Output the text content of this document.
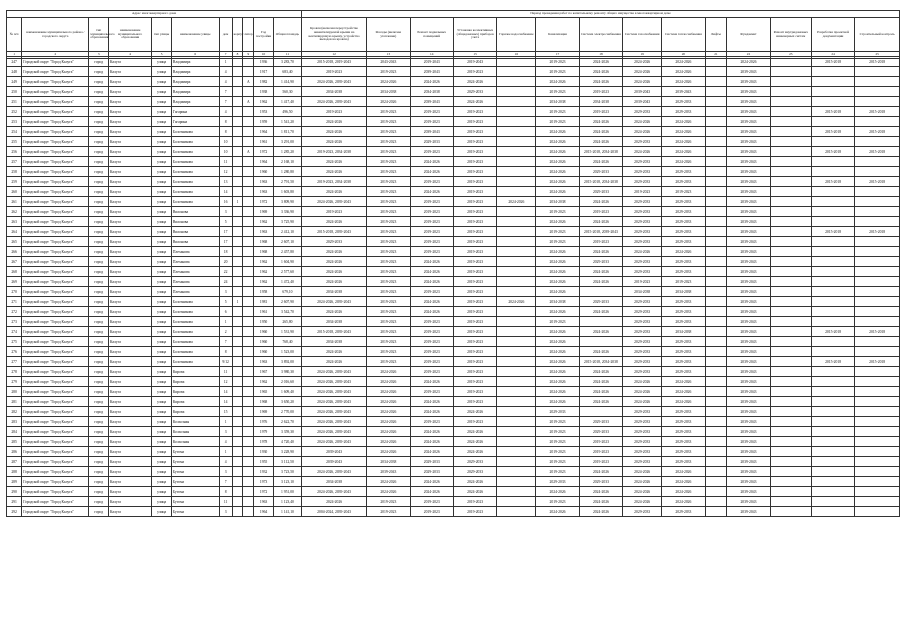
Адрес многоквартирного дома											Период проведения работ по капитальному ремонту общего имущества в многоквартирном доме													
№ п/п	наименование муниципального района / городского округа	тип муниципального образования	наименование муниципального образования	тип улицы	наименование улицы	дом	корпус	литер	Год постройки	Общая площадь	Кровля (включая переустройство невентилируемой крыши на вентилируемую крышу, устройство выходов на кровлю)	Фасады (включая утепление)	Ремонт подвальных помещений	Установка коллективных (общедомовых) приборов учета	Горячее водоснабжение	Канализация	Система электроснабжения	Система газоснабжения	Система теплоснабжения	Лифты	Фундамент	Ремонт внутридомовых инженерных систем	Разработка проектной документации	Строительный контроль
1	2	3	4	5	6	7	8	9	10	11	12	13	14	15	16	17	18	19	20	21	22	23	24	25
247	Городской округ "Город Калуга"	город	Калуга	улица	Владимира	1			1936	3 283,70	2015-2018, 2019-2043	2043-2043	2019-2043	2019-2043		2019-2023	2024-2026	2024-2026	2024-2026		2024-2026		2015-2018	2015-2018
248	Городской округ "Город Калуга"	город	Калуга	улица	Владимира	4			1917	683,40	2019-2023	2019-2023	2039-2043	2019-2023		2019-2023	2024-2026	2024-2026	2024-2026		2039-2043			
249	Городской округ "Город Калуга"	город	Калуга	улица	Владимира	4		А	1982	1 414,90	2024-2026, 2039-2043	2024-2026	2024-2026	2024-2026		2024-2026	2024-2026	2024-2026	2024-2026		2039-2043			
250	Городской округ "Город Калуга"	город	Калуга	улица	Владимира	7			1938	560,30	2034-2038	2034-2038	2034-2038	2029-2033		2019-2023	2019-2023	2039-2043	2039-2043		2039-2043			
251	Городской округ "Город Калуга"	город	Калуга	улица	Владимира	7		А	1962	1 417,40	2024-2026, 2039-2043	2024-2026	2039-2043	2024-2026		2034-2038	2034-2038	2039-2043	2029-2033		2039-2043			
252	Городской округ "Город Калуга"	город	Калуга	улица	Гагарина	4			1953	496,50	2019-2023	2019-2023	2019-2023	2019-2023		2019-2023	2019-2023	2029-2033	2029-2033		2039-2043		2015-2018	2015-2018
253	Городской округ "Город Калуга"	город	Калуга	улица	Гагарина	8			1959	1 541,20	2024-2026	2019-2023	2019-2023	2019-2023		2019-2023	2024-2026	2024-2026	2024-2026		2039-2043			
254	Городской округ "Город Калуга"	город	Калуга	улица	Болотникова	8			1964	1 811,70	2024-2026	2019-2023	2039-2043	2019-2023		2024-2026	2024-2026	2024-2026	2024-2026		2039-2043		2015-2018	2015-2018
255	Городской округ "Город Калуга"	город	Калуга	улица	Болотникова	10			1961	3 291,00	2024-2026	2019-2023	2029-2033	2019-2023		2024-2026	2024-2026	2029-2033	2024-2026		2039-2043			
256	Городской округ "Город Калуга"	город	Калуга	улица	Болотникова	10		А	1972	1 285,20	2019-2023, 2034-2038	2019-2023	2019-2023	2019-2023		2024-2026	2015-2018, 2034-2038	2024-2026	2024-2026		2039-2043		2015-2018	2015-2018
257	Городской округ "Город Калуга"	город	Калуга	улица	Болотникова	11			1964	2 168,10	2024-2026	2019-2023	2024-2026	2019-2023		2024-2026	2024-2026	2029-2033	2024-2026		2039-2043			
258	Городской округ "Город Калуга"	город	Калуга	улица	Болотникова	12			1960	1 280,80	2024-2026	2019-2023	2024-2026	2019-2023		2024-2026	2029-2033	2029-2033	2029-2033		2039-2043			
259	Городской округ "Город Калуга"	город	Калуга	улица	Болотникова	13			1963	2 791,50	2019-2023, 2034-2038	2019-2023	2019-2023	2019-2023		2024-2026	2015-2018, 2034-2038	2029-2033	2029-2033		2039-2043		2015-2018	2015-2018
260	Городской округ "Город Калуга"	город	Калуга	улица	Болотникова	14			1963	1 603,80	2024-2026	2019-2023	2024-2026	2019-2023		2024-2026	2029-2033	2019-2023	2019-2023		2039-2043			
261	Городской округ "Город Калуга"	город	Калуга	улица	Болотникова	16	1		1972	3 809,90	2024-2026, 2039-2043	2019-2023	2019-2023	2019-2023	2024-2026	2034-2038	2024-2026	2029-2033	2029-2033		2039-2043			
262	Городской округ "Город Калуга"	город	Калуга	улица	Вилонова	3			1969	3 336,90	2019-2023	2019-2023	2019-2023	2019-2023		2019-2023	2019-2023	2029-2033	2029-2033		2039-2043			
263	Городской округ "Город Калуга"	город	Калуга	улица	Вилонова	5			1962	3 725,90	2024-2026	2019-2023	2019-2023	2019-2023		2024-2026	2024-2026	2029-2033	2029-2033		2039-2043			
264	Городской округ "Город Калуга"	город	Калуга	улица	Вилонова	17			1963	2 412,10	2015-2018, 2039-2043	2019-2023	2019-2023	2019-2023		2019-2023	2015-2018, 2039-2043	2029-2033	2029-2033		2039-2043		2015-2018	2015-2018
265	Городской округ "Город Калуга"	город	Калуга	улица	Вилонова	17			1968	2 607,10	2029-2033	2019-2023	2019-2023	2019-2023		2019-2023	2019-2023	2029-2033	2029-2033		2039-2043			
266	Городской округ "Город Калуга"	город	Калуга	улица	Плеханова	18			1968	2 457,80	2024-2026	2019-2023	2019-2023	2019-2023		2024-2026	2024-2026	2024-2026	2024-2026		2039-2043			
267	Городской округ "Город Калуга"	город	Калуга	улица	Плеханова	20			1962	1 604,90	2024-2026	2019-2023	2024-2026	2019-2023		2024-2026	2029-2033	2029-2033	2029-2033		2039-2043			
268	Городской округ "Город Калуга"	город	Калуга	улица	Плеханова	22			1962	2 577,60	2024-2026	2019-2023	2024-2026	2019-2023		2024-2026	2024-2026	2029-2033	2029-2033		2039-2043			
269	Городской округ "Город Калуга"	город	Калуга	улица	Плеханова	24			1962	1 472,40	2024-2026	2019-2023	2024-2026	2019-2023		2024-2026	2024-2026	2019-2023	2019-2023		2039-2043			
270	Городской округ "Город Калуга"	город	Калуга	улица	Плеханова	3			1958	679,10	2034-2038	2019-2023	2019-2023	2019-2023		2024-2026		2034-2038	2034-2038		2039-2043			
271	Городской округ "Город Калуга"	город	Калуга	улица	Болотникова	5	1		1981	2 607,90	2024-2026, 2039-2043	2019-2023	2024-2026	2019-2023	2024-2026	2034-2038	2029-2033	2029-2033	2029-2033		2039-2043			
272	Городской округ "Город Калуга"	город	Калуга	улица	Болотникова	6			1961	3 542,70	2024-2026	2019-2023	2024-2026	2019-2023		2024-2026	2024-2026	2029-2033	2029-2033		2039-2043			
273	Городской округ "Город Калуга"	город	Калуга	улица	Болотникова	1			1950	265,80	2034-2038	2019-2023	2019-2023	2019-2023		2019-2023		2029-2033	2029-2033		2039-2043			
274	Городской округ "Город Калуга"	город	Калуга	улица	Болотникова	2			1960	1 531,90	2015-2018, 2039-2043	2019-2023	2019-2023	2019-2023		2024-2026	2024-2026	2029-2033	2034-2038		2039-2043		2015-2018	2015-2018
275	Городской округ "Город Калуга"	город	Калуга	улица	Болотникова	7			1960	768,40	2034-2038	2019-2023	2019-2023	2019-2023		2024-2026		2029-2033	2029-2033		2039-2043			
276	Городской округ "Город Калуга"	город	Калуга	улица	Болотникова	8			1960	1 523,00	2024-2026	2019-2023	2019-2023	2019-2023		2024-2026	2024-2026	2029-2033	2029-2033		2039-2043			
277	Городской округ "Город Калуга"	город	Калуга	улица	Болотникова	9/12			1963	3 892,00	2024-2026	2019-2023	2019-2023	2019-2023		2024-2026	2015-2018, 2034-2038	2029-2033	2029-2033		2039-2043		2015-2018	2015-2018
278	Городской округ "Город Калуга"	город	Калуга	улица	Кирова	11			1967	3 980,30	2024-2026, 2039-2043	2024-2026	2019-2023	2019-2023		2024-2026	2024-2026	2029-2033	2029-2033		2039-2043			
279	Городской округ "Город Калуга"	город	Калуга	улица	Кирова	12			1962	2 016,60	2024-2026, 2039-2043	2024-2026	2024-2026	2019-2023		2024-2026	2024-2026	2024-2026	2024-2026		2039-2043			
280	Городской округ "Город Калуга"	город	Калуга	улица	Кирова	14			1965	1 609,40	2024-2026, 2039-2043	2024-2026	2019-2023	2019-2023		2024-2026	2024-2026	2024-2026	2024-2026		2039-2043			
281	Городской округ "Город Калуга"	город	Калуга	улица	Кирова	14			1968	3 650,20	2024-2026, 2039-2043	2024-2026	2024-2026	2019-2023		2024-2026	2024-2026	2024-2026	2024-2026		2039-2043			
282	Городской округ "Город Калуга"	город	Калуга	улица	Кирова	15			1969	2 770,00	2024-2026, 2039-2043	2024-2026	2024-2026	2024-2026		2029-2033		2029-2033	2029-2033		2039-2043			
283	Городской округ "Город Калуга"	город	Калуга	улица	Колхозная	1			1976	2 622,70	2024-2026, 2039-2043	2024-2026	2019-2023	2019-2023		2019-2023	2029-2033	2029-2033	2029-2033		2039-2043			
284	Городской округ "Город Калуга"	город	Калуга	улица	Колхозная	3			1979	3 359,30	2024-2026, 2039-2043	2024-2026	2024-2026	2024-2026		2019-2023	2029-2033	2029-2033	2029-2033		2039-2043			
285	Городской округ "Город Калуга"	город	Калуга	улица	Колхозная	4			1978	4 720,40	2024-2026, 2039-2043	2024-2026	2024-2026	2024-2026		2019-2023	2019-2023	2029-2033	2029-2033		2039-2043			
286	Городской округ "Город Калуга"	город	Калуга	улица	Бутома	1			1930	3 228,90	2039-2043	2024-2026	2024-2026	2024-2026		2019-2023	2019-2023	2029-2033	2029-2033		2039-2043			
287	Городской округ "Город Калуга"	город	Калуга	улица	Бутома	4			1955	3 112,50	2039-2043	2034-2038	2029-2033	2029-2033		2019-2023	2019-2023	2029-2033	2029-2033		2039-2043			
288	Городской округ "Город Калуга"	город	Калуга	улица	Бутома	3			1932	3 723,50	2024-2026, 2039-2043	2039-2043	2029-2033	2029-2033		2019-2023	2024-2026	2024-2026	2024-2026		2039-2043			
289	Городской округ "Город Калуга"	город	Калуга	улица	Бутома	7			1973	3 123,10	2034-2038	2024-2026	2024-2026	2024-2026		2029-2033	2029-2033	2024-2026	2024-2026		2039-2043			
290	Городской округ "Город Калуга"	город	Калуга	улица	Бутома	8			1972	1 951,00	2024-2026, 2039-2043	2024-2026	2024-2026	2024-2026		2024-2026	2024-2026	2024-2026	2024-2026		2039-2043			
291	Городской округ "Город Калуга"	город	Калуга	улица	Бутома	11			1963	1 123,40	2024-2026	2019-2023	2019-2023	2019-2023		2019-2023	2024-2026	2024-2026	2024-2026		2039-2043			
292	Городской округ "Город Калуга"	город	Калуга	улица	Бутома	3			1964	1 141,10	2004-2024, 2039-2043	2019-2023	2019-2023	2019-2023		2024-2026	2024-2026	2029-2033	2029-2033		2039-2043			
